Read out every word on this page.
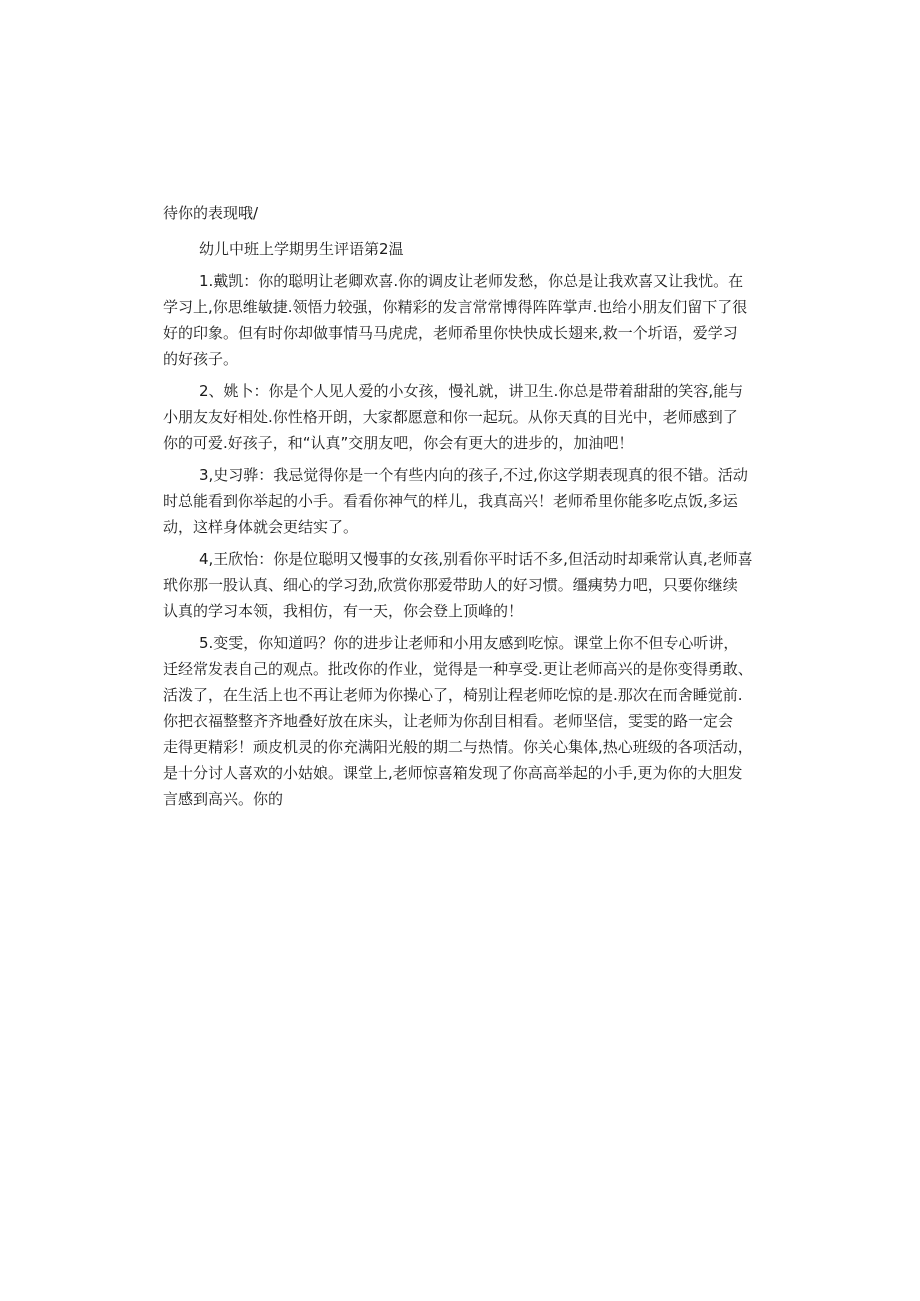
待你的表现哦/

幼儿中班上学期男生评语第2温

1.戴凯：你的聪明让老卿欢喜.你的调皮让老师发愁，你总是让我欢喜又让我忧。在

学习上,你思维敏捷.领悟力较强，你精彩的发言常常博得阵阵掌声.也给小朋友们留下了很

好的印象。但有时你却做事情马马虎虎，老师希里你快快成长翅来,救一个圻语，爱学习

的好孩子。

2、姚卜：你是个人见人爱的小女孩，慢礼就，讲卫生.你总是带着甜甜的笑容,能与

小朋友友好相处.你性格开朗，大家都愿意和你一起玩。从你天真的目光中，老师感到了

你的可爱.好孩子，和“认真”交朋友吧，你会有更大的进步的，加油吧！

3,史习骅：我忌觉得你是一个有些内向的孩子,不过,你这学期表现真的很不错。活动

时总能看到你举起的小手。看看你神气的样儿，我真高兴！老师希里你能多吃点饭,多运

动，这样身体就会更结实了。

4,王欣怡：你是位聪明又慢事的女孩,别看你平时话不多,但活动时却乘常认真,老师喜

玳你那一股认真、细心的学习劲,欣赏你那爱带助人的好习惯。缰痍势力吧，只要你继续

认真的学习本领，我相仿，有一天，你会登上顶峰的！

5.变雯，你知道吗？你的进步让老师和小用友感到吃惊。课堂上你不但专心听讲，

迁经常发表自己的观点。批改你的作业，觉得是一种享受.更让老师高兴的是你变得勇敢、

活泼了，在生活上也不再让老师为你操心了，椅别让程老师吃惊的是.那次在而舍睡觉前.

你把衣福整整齐齐地叠好放在床头，让老师为你刮目相看。老师坚信，雯雯的路一定会

走得更精彩！顽皮机灵的你充满阳光般的期二与热情。你关心集体,热心班级的各项活动，

是十分讨人喜欢的小姑娘。课堂上,老师惊喜箱发现了你高高举起的小手,更为你的大胆发

言感到高兴。你的
